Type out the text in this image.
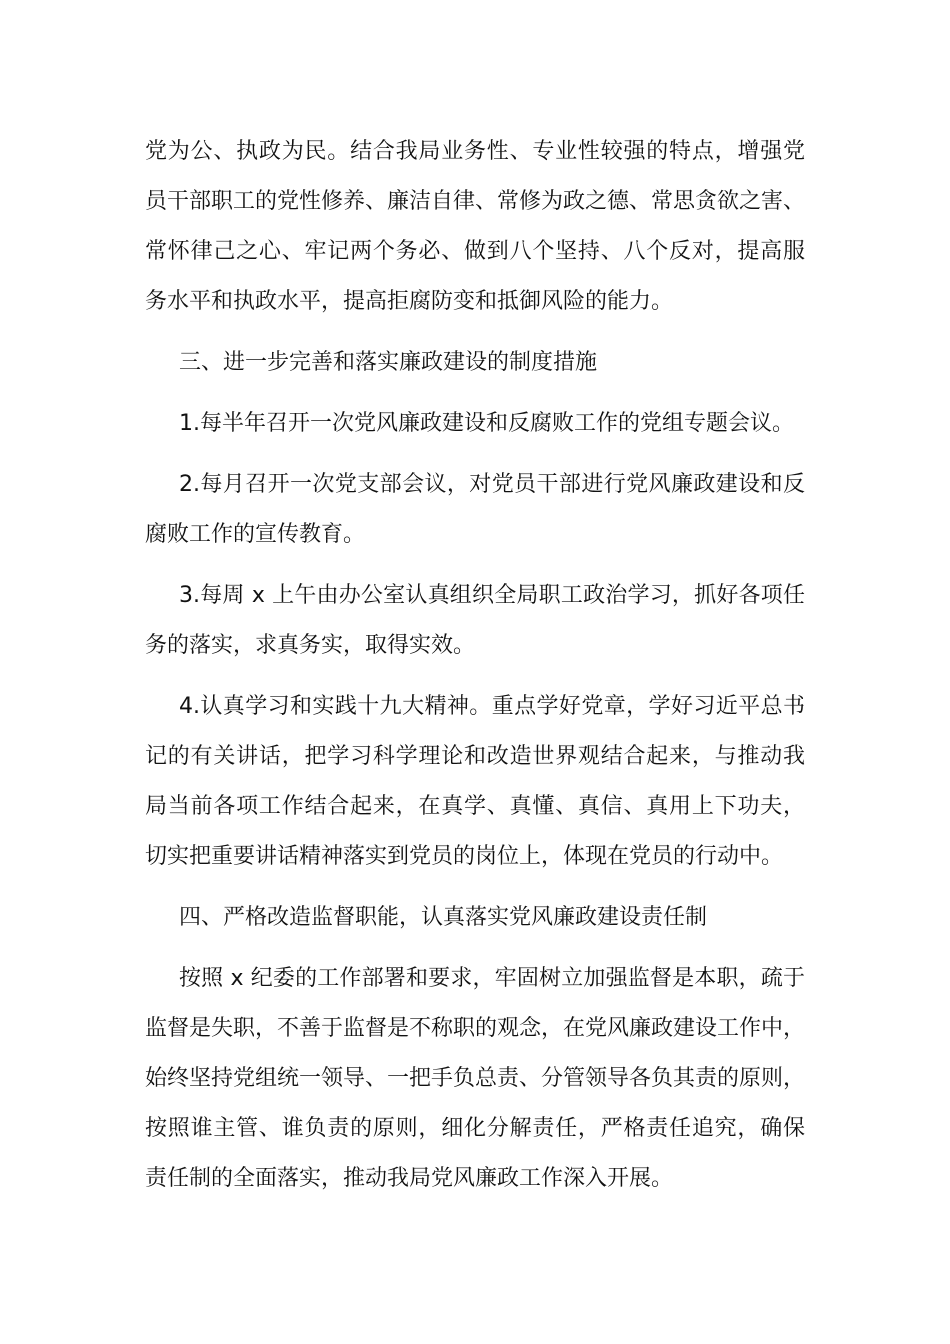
党为公、执政为民。结合我局业务性、专业性较强的特点，增强党
员干部职工的党性修养、廉洁自律、常修为政之德、常思贪欲之害、
常怀律己之心、牢记两个务必、做到八个坚持、八个反对，提高服
务水平和执政水平，提高拒腐防变和抵御风险的能力。

三、进一步完善和落实廉政建设的制度措施

1.每半年召开一次党风廉政建设和反腐败工作的党组专题会议。

2.每月召开一次党支部会议，对党员干部进行党风廉政建设和反
腐败工作的宣传教育。

3.每周 x 上午由办公室认真组织全局职工政治学习，抓好各项任
务的落实，求真务实，取得实效。

4.认真学习和实践十九大精神。重点学好党章，学好习近平总书
记的有关讲话，把学习科学理论和改造世界观结合起来，与推动我
局当前各项工作结合起来，在真学、真懂、真信、真用上下功夫，
切实把重要讲话精神落实到党员的岗位上，体现在党员的行动中。

四、严格改造监督职能，认真落实党风廉政建设责任制

按照 x 纪委的工作部署和要求，牢固树立加强监督是本职，疏于
监督是失职，不善于监督是不称职的观念，在党风廉政建设工作中，
始终坚持党组统一领导、一把手负总责、分管领导各负其责的原则，
按照谁主管、谁负责的原则，细化分解责任，严格责任追究，确保
责任制的全面落实，推动我局党风廉政工作深入开展。
